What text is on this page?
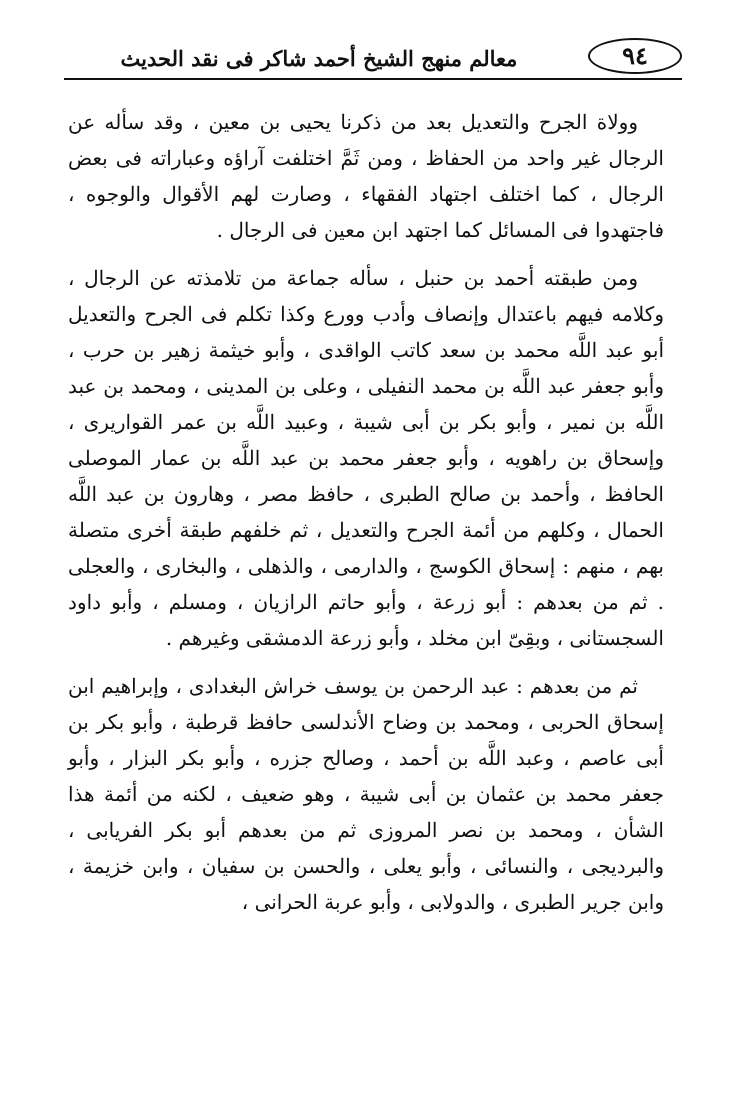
٩٤
معالم منهج الشيخ أحمد شاكر فى نقد الحديث

وولاة الجرح والتعديل بعد من ذكرنا يحيى بن معين ، وقد سأله عن الرجال غير واحد من الحفاظ ، ومن ثَمَّ اختلفت آراؤه وعباراته فى بعض الرجال ، كما اختلف اجتهاد الفقهاء ، وصارت لهم الأقوال والوجوه ، فاجتهدوا فى المسائل كما اجتهد ابن معين فى الرجال .

ومن طبقته أحمد بن حنبل ، سأله جماعة من تلامذته عن الرجال ، وكلامه فيهم باعتدال وإنصاف وأدب وورع وكذا تكلم فى الجرح والتعديل أبو عبد اللَّه محمد بن سعد كاتب الواقدى ، وأبو خيثمة زهير بن حرب ، وأبو جعفر عبد اللَّه بن محمد النفيلى ، وعلى بن المدينى ، ومحمد بن عبد اللَّه بن نمير ، وأبو بكر بن أبى شيبة ، وعبيد اللَّه بن عمر القواريرى ، وإسحاق بن راهويه ، وأبو جعفر محمد بن عبد اللَّه بن عمار الموصلى الحافظ ، وأحمد بن صالح الطبرى ، حافظ مصر ، وهارون بن عبد اللَّه الحمال ، وكلهم من أئمة الجرح والتعديل ، ثم خلفهم طبقة أخرى متصلة بهم ، منهم : إسحاق الكوسج ، والدارمى ، والذهلى ، والبخارى ، والعجلى . ثم من بعدهم : أبو زرعة ، وأبو حاتم الرازيان ، ومسلم ، وأبو داود السجستانى ، وبقِىّ ابن مخلد ، وأبو زرعة الدمشقى وغيرهم .

ثم من بعدهم : عبد الرحمن بن يوسف خراش البغدادى ، وإبراهيم ابن إسحاق الحربى ، ومحمد بن وضاح الأندلسى حافظ قرطبة ، وأبو بكر بن أبى عاصم ، وعبد اللَّه بن أحمد ، وصالح جزره ، وأبو بكر البزار ، وأبو جعفر محمد بن عثمان بن أبى شيبة ، وهو ضعيف ، لكنه من أئمة هذا الشأن ، ومحمد بن نصر المروزى ثم من بعدهم أبو بكر الفريابى ، والبرديجى ، والنسائى ، وأبو يعلى ، والحسن بن سفيان ، وابن خزيمة ، وابن جرير الطبرى ، والدولابى ، وأبو عربة الحرانى ،
